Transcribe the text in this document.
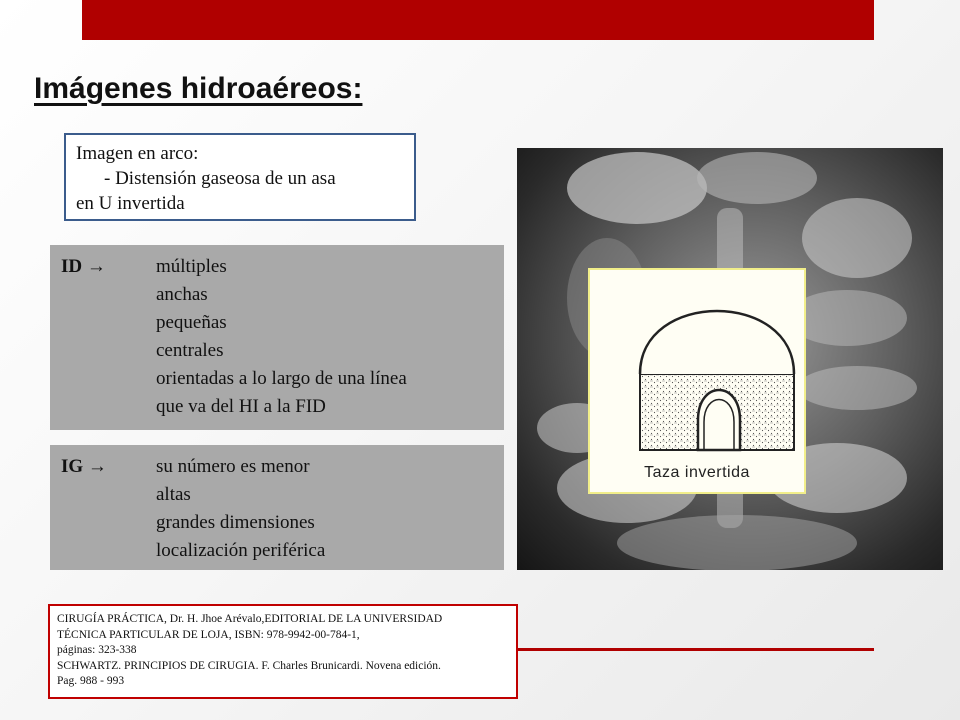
Imágenes hidroaéreos:
Imagen en arco:

- Distensión gaseosa de un asa
en U invertida
ID →	múltiples
anchas
pequeñas
centrales
orientadas a lo largo de una línea
que va del HI a la FID
IG →	su número es menor
altas
grandes dimensiones
localización periférica
Taza invertida
CIRUGÍA PRÁCTICA, Dr. H. Jhoe Arévalo,EDITORIAL DE LA UNIVERSIDAD
TÉCNICA PARTICULAR DE LOJA, ISBN: 978-9942-00-784-1,
páginas: 323-338
SCHWARTZ. PRINCIPIOS DE CIRUGIA. F. Charles Brunicardi. Novena edición.
Pag. 988 - 993
